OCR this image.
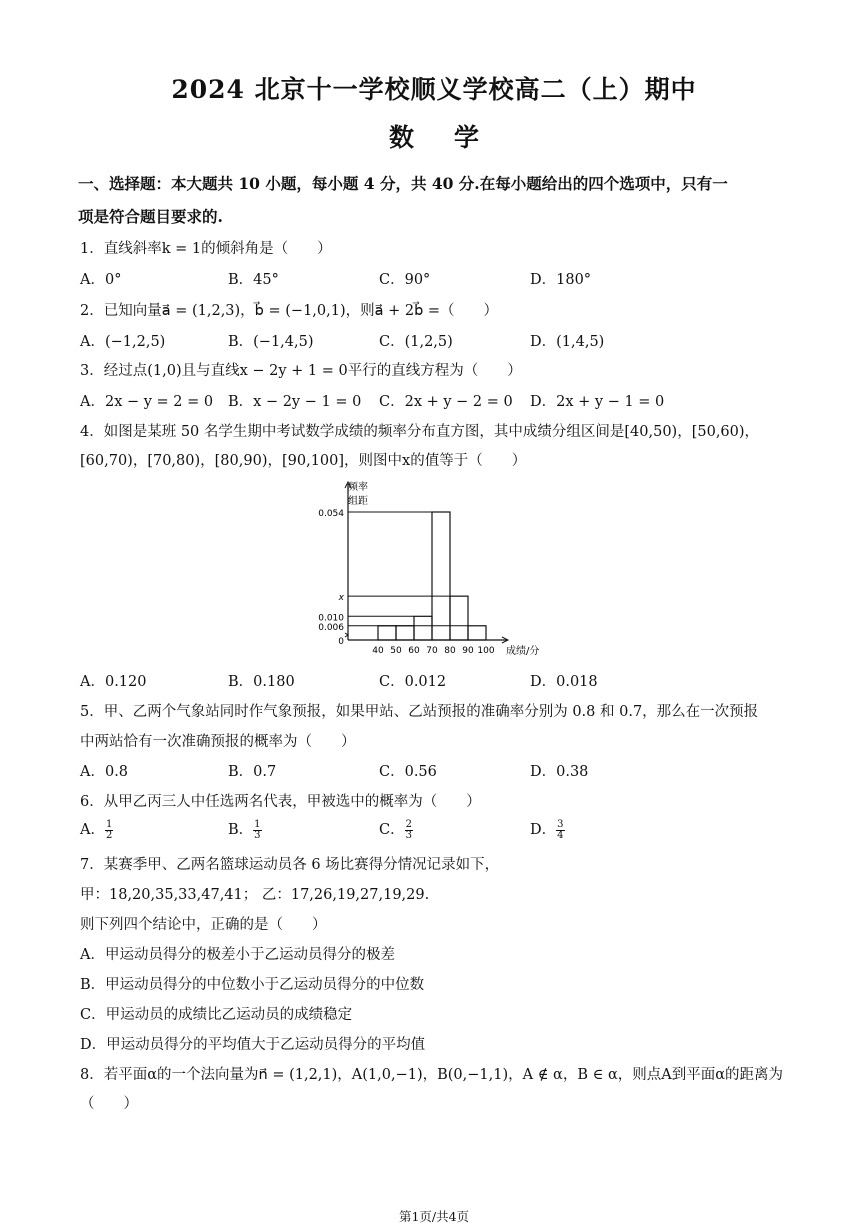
2024 北京十一学校顺义学校高二（上）期中
数学
一、选择题：本大题共 10 小题，每小题 4 分，共 40 分.在每小题给出的四个选项中，只有一
项是符合题目要求的.
1．直线斜率k = 1的倾斜角是（　　）
A．0°	B．45°	C．90°	D．180°
2．已知向量a⃗ = (1,2,3)，b⃗ = (−1,0,1)，则a⃗ + 2b⃗ =（　　）
A．(−1,2,5)	B．(−1,4,5)	C．(1,2,5)	D．(1,4,5)
3．经过点(1,0)且与直线x − 2y + 1 = 0平行的直线方程为（　　）
A．2x − y = 2 = 0 B．x − 2y − 1 = 0 C．2x + y − 2 = 0 D．2x + y − 1 = 0
4．如图是某班 50 名学生期中考试数学成绩的频率分布直方图，其中成绩分组区间是[40,50)，[50,60)，
[60,70)，[70,80)，[80,90)，[90,100]，则图中x的值等于（　　）
0.054
x
0.010
0.006
0
40 50 60 70 80 90 100
频率
组距
成绩/分
A．0.120	B．0.180	C．0.012	D．0.018
5．甲、乙两个气象站同时作气象预报，如果甲站、乙站预报的准确率分别为 0.8 和 0.7，那么在一次预报
中两站恰有一次准确预报的概率为（　　）
A．0.8	B．0.7	C．0.56	D．0.38
6．从甲乙丙三人中任选两名代表，甲被选中的概率为（　　）
A． $\frac{1}{2}$	B． $\frac{1}{3}$	C． $\frac{2}{3}$	D． $\frac{3}{4}$
7．某赛季甲、乙两名篮球运动员各 6 场比赛得分情况记录如下，
甲：18,20,35,33,47,41； 乙：17,26,19,27,19,29.
则下列四个结论中，正确的是（　　）
A．甲运动员得分的极差小于乙运动员得分的极差
B．甲运动员得分的中位数小于乙运动员得分的中位数
C．甲运动员的成绩比乙运动员的成绩稳定
D．甲运动员得分的平均值大于乙运动员得分的平均值
8．若平面α的一个法向量为n⃗ = (1,2,1)，A(1,0,−1)，B(0,−1,1)，A ∉ α，B ∈ α，则点A到平面α的距离为
（　　）
第1页/共4页
